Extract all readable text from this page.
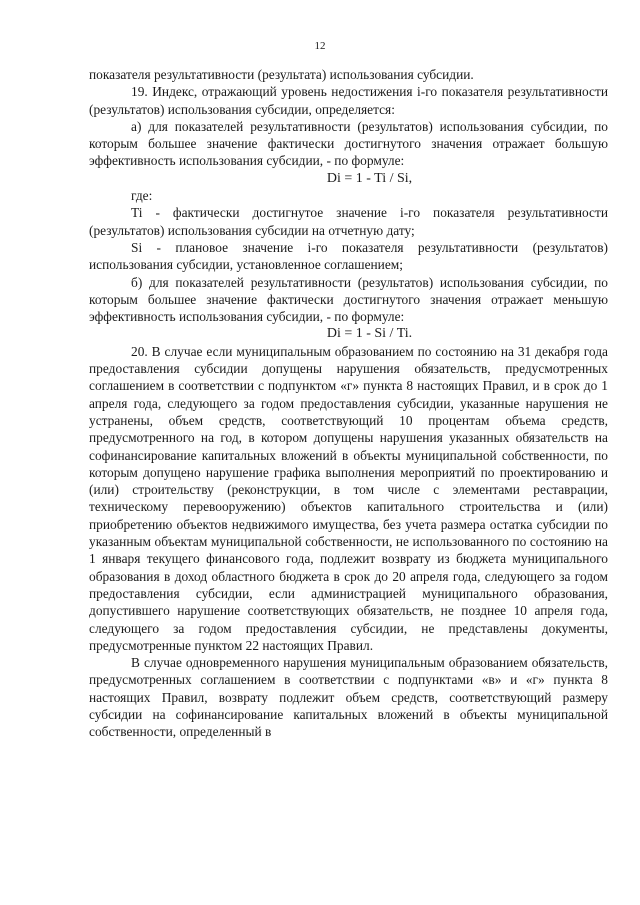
12

показателя результативности (результата) использования субсидии.

19. Индекс, отражающий уровень недостижения i-го показателя результативности (результатов) использования субсидии, определяется:

а) для показателей результативности (результатов) использования субсидии, по которым большее значение фактически достигнутого значения отражает большую эффективность использования субсидии, - по формуле:

Di = 1 - Ti / Si,

где:

Ti - фактически достигнутое значение i-го показателя результативности (результатов) использования субсидии на отчетную дату;

Si - плановое значение i-го показателя результативности (результатов) использования субсидии, установленное соглашением;

б) для показателей результативности (результатов) использования субсидии, по которым большее значение фактически достигнутого значения отражает меньшую эффективность использования субсидии, - по формуле:

Di = 1 - Si / Ti.

20. В случае если муниципальным образованием по состоянию на 31 декабря года предоставления субсидии допущены нарушения обязательств, предусмотренных соглашением в соответствии с подпунктом «г» пункта 8 настоящих Правил, и в срок до 1 апреля года, следующего за годом предоставления субсидии, указанные нарушения не устранены, объем средств, соответствующий 10 процентам объема средств, предусмотренного на год, в котором допущены нарушения указанных обязательств на софинансирование капитальных вложений в объекты муниципальной собственности, по которым допущено нарушение графика выполнения мероприятий по проектированию и (или) строительству (реконструкции, в том числе с элементами реставрации, техническому перевооружению) объектов капитального строительства и (или) приобретению объектов недвижимого имущества, без учета размера остатка субсидии по указанным объектам муниципальной собственности, не использованного по состоянию на 1 января текущего финансового года, подлежит возврату из бюджета муниципального образования в доход областного бюджета в срок до 20 апреля года, следующего за годом предоставления субсидии, если администрацией муниципального образования, допустившего нарушение соответствующих обязательств, не позднее 10 апреля года, следующего за годом предоставления субсидии, не представлены документы, предусмотренные пунктом 22 настоящих Правил.

В случае одновременного нарушения муниципальным образованием обязательств, предусмотренных соглашением в соответствии с подпунктами «в» и «г» пункта 8 настоящих Правил, возврату подлежит объем средств, соответствующий размеру субсидии на софинансирование капитальных вложений в объекты муниципальной собственности, определенный в
